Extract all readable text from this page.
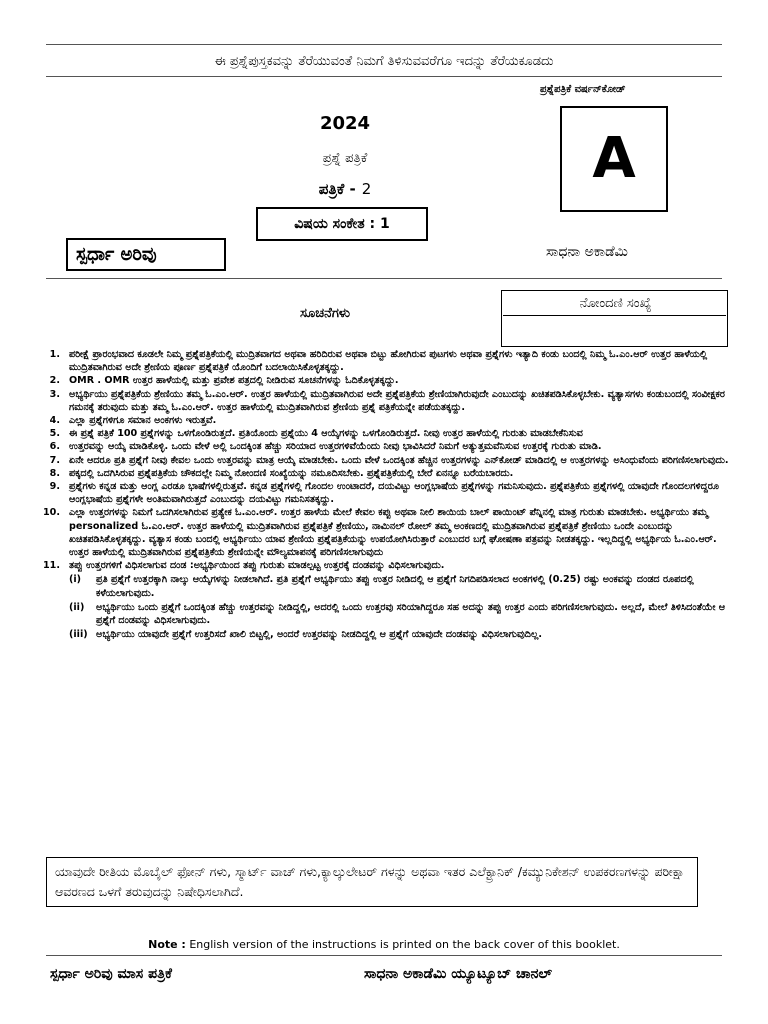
ಈ ಪ್ರಶ್ನೆಪುಸ್ತಕವನ್ನು ತೆರೆಯುವಂತೆ ನಿಮಗೆ ತಿಳಿಸುವವರೆಗೂ ಇದನ್ನು ತೆರೆಯಕೂಡದು
ಪ್ರಶ್ನೆಪತ್ರಿಕೆ ವರ್ಷನ್‌ಕೋಡ್
A
2024
ಪ್ರಶ್ನೆ ಪತ್ರಿಕೆ
ಪತ್ರಿಕೆ - 2
ವಿಷಯ ಸಂಕೇತ : 1
ಸ್ಪರ್ಧಾ ಅರಿವು	ಸಾಧನಾ ಅಕಾಡೆಮಿ
ನೋಂದಣಿ ಸಂಖ್ಯೆ
ಸೂಚನೆಗಳು
1. ಪರೀಕ್ಷೆ ಪ್ರಾರಂಭವಾದ ಕೂಡಲೇ ನಿಮ್ಮ ಪ್ರಶ್ನೆಪತ್ರಿಕೆಯಲ್ಲಿ ಮುದ್ರಿತವಾಗದ ಅಥವಾ ಹರಿದಿರುವ ಅಥವಾ ಬಿಟ್ಟು ಹೋಗಿರುವ ಪುಟಗಳು ಅಥವಾ ಪ್ರಶ್ನೆಗಳು ಇತ್ಯಾದಿ ಕಂಡು ಬಂದಲ್ಲಿ ನಿಮ್ಮ ಓ.ಎಂ.ಆರ್ ಉತ್ತರ ಹಾಳೆಯಲ್ಲಿ ಮುದ್ರಿತವಾಗಿರುವ ಅದೇ ಶ್ರೇಣಿಯ ಪೂರ್ಣ ಪ್ರಶ್ನೆಪತ್ರಿಕೆ ಯೊಂದಿಗೆ ಬದಲಾಯಿಸಿಕೊಳ್ಳತಕ್ಕದ್ದು.
2. OMR . OMR ಉತ್ತರ ಹಾಳೆಯಲ್ಲಿ ಮತ್ತು ಪ್ರವೇಶ ಪತ್ರದಲ್ಲಿ ನೀಡಿರುವ ಸೂಚನೆಗಳನ್ನು ಓದಿಕೊಳ್ಳತಕ್ಕದ್ದು.
3. ಅಭ್ಯರ್ಥಿಯು ಪ್ರಶ್ನೆಪತ್ರಿಕೆಯ ಶ್ರೇಣಿಯು ತಮ್ಮ ಓ.ಎಂ.ಆರ್. ಉತ್ತರ ಹಾಳೆಯಲ್ಲಿ ಮುದ್ರಿತವಾಗಿರುವ ಅದೇ ಪ್ರಶ್ನೆಪತ್ರಿಕೆಯ ಶ್ರೇಣಿಯಾಗಿರುವುದೇ ಎಂಬುದನ್ನು ಖಚಿತಪಡಿಸಿಕೊಳ್ಳಬೇಕು. ವ್ಯತ್ಯಾಸಗಳು ಕಂಡುಬಂದಲ್ಲಿ ಸಂವೀಕ್ಷಕರ ಗಮನಕ್ಕೆ ತರುವುದು ಮತ್ತು ತಮ್ಮ ಓ.ಎಂ.ಆರ್. ಉತ್ತರ ಹಾಳೆಯಲ್ಲಿ ಮುದ್ರಿತವಾಗಿರುವ ಶ್ರೇಣಿಯ ಪ್ರಶ್ನೆ ಪತ್ರಿಕೆಯನ್ನೇ ಪಡೆಯತಕ್ಕದ್ದು.
4. ಎಲ್ಲಾ ಪ್ರಶ್ನೆಗಳಿಗೂ ಸಮಾನ ಅಂಕಗಳು ಇರುತ್ತವೆ.
5. ಈ ಪ್ರಶ್ನೆ ಪತ್ರಿಕೆ 100 ಪ್ರಶ್ನೆಗಳನ್ನು ಒಳಗೊಂಡಿರುತ್ತದೆ. ಪ್ರತಿಯೊಂದು ಪ್ರಶ್ನೆಯು 4 ಆಯ್ಕೆಗಳನ್ನು ಒಳಗೊಂಡಿರುತ್ತದೆ. ನೀವು ಉತ್ತರ ಹಾಳೆಯಲ್ಲಿ ಗುರುತು ಮಾಡಬೇಕೆನಿಸುವ
6. ಉತ್ತರವನ್ನು ಆಯ್ಕೆ ಮಾಡಿಕೊಳ್ಳಿ. ಒಂದು ವೇಳೆ ಅಲ್ಲಿ ಒಂದಕ್ಕಿಂತ ಹೆಚ್ಚು ಸರಿಯಾದ ಉತ್ತರಗಳಿವೆಯೆಂದು ನೀವು ಭಾವಿಸಿದರೆ ನಿಮಗೆ ಅತ್ಯುತ್ತಮವೆನಿಸುವ ಉತ್ತರಕ್ಕೆ ಗುರುತು ಮಾಡಿ.
7. ಏನೇ ಆದರೂ ಪ್ರತಿ ಪ್ರಶ್ನೆಗೆ ನೀವು ಕೇವಲ ಒಂದು ಉತ್ತರವನ್ನು ಮಾತ್ರ ಆಯ್ಕೆ ಮಾಡಬೇಕು. ಒಂದು ವೇಳೆ ಒಂದಕ್ಕಿಂತ ಹೆಚ್ಚಿನ ಉತ್ತರಗಳನ್ನು ಎನ್‌ಕೋಡ್ ಮಾಡಿದಲ್ಲಿ ಆ ಉತ್ತರಗಳನ್ನು ಅಸಿಂಧುವೆಂದು ಪರಿಗಣಿಸಲಾಗುವುದು.
8. ಪಕ್ಕದಲ್ಲಿ ಒದಗಿಸಿರುವ ಪ್ರಶ್ನೆಪತ್ರಿಕೆಯ ಚೌಕದಲ್ಲೇ ನಿಮ್ಮ ನೋಂದಣಿ ಸಂಖ್ಯೆಯನ್ನು ನಮೂದಿಸಬೇಕು. ಪ್ರಶ್ನೆಪತ್ರಿಕೆಯಲ್ಲಿ ಬೇರೆ ಏನನ್ನೂ ಬರೆಯಬಾರದು.
9. ಪ್ರಶ್ನೆಗಳು ಕನ್ನಡ ಮತ್ತು ಆಂಗ್ಲ ಎರಡೂ ಭಾಷೆಗಳಲ್ಲಿರುತ್ತವೆ. ಕನ್ನಡ ಪ್ರಶ್ನೆಗಳಲ್ಲಿ ಗೊಂದಲ ಉಂಟಾದರೆ, ದಯವಿಟ್ಟು ಆಂಗ್ಲಭಾಷೆಯ ಪ್ರಶ್ನೆಗಳನ್ನು ಗಮನಿಸುವುದು. ಪ್ರಶ್ನೆಪತ್ರಿಕೆಯ ಪ್ರಶ್ನೆಗಳಲ್ಲಿ ಯಾವುದೇ ಗೊಂದಲಗಳಿದ್ದರೂ ಆಂಗ್ಲಭಾಷೆಯ ಪ್ರಶ್ನೆಗಳೇ ಅಂತಿಮವಾಗಿರುತ್ತದೆ ಎಂಬುದನ್ನು ದಯವಿಟ್ಟು ಗಮನಿಸತಕ್ಕದ್ದು.
10. ಎಲ್ಲಾ ಉತ್ತರಗಳನ್ನು ನಿಮಗೆ ಒದಗಿಸಲಾಗಿರುವ ಪ್ರತ್ಯೇಕ ಓ.ಎಂ.ಆರ್. ಉತ್ತರ ಹಾಳೆಯ ಮೇಲೆ ಕೇವಲ ಕಪ್ಪು ಅಥವಾ ನೀಲಿ ಶಾಯಿಯ ಬಾಲ್ ಪಾಯಿಂಟ್ ಪೆನ್ನಿನಲ್ಲಿ ಮಾತ್ರ ಗುರುತು ಮಾಡಬೇಕು. ಅಭ್ಯರ್ಥಿಯು ತಮ್ಮ personalized ಓ.ಎಂ.ಆರ್. ಉತ್ತರ ಹಾಳೆಯಲ್ಲಿ ಮುದ್ರಿತವಾಗಿರುವ ಪ್ರಶ್ನೆಪತ್ರಿಕೆ ಶ್ರೇಣಿಯು, ನಾಮಿನಲ್ ರೋಲ್ ತಮ್ಮ ಅಂಕಣದಲ್ಲಿ ಮುದ್ರಿತವಾಗಿರುವ ಪ್ರಶ್ನೆಪತ್ರಿಕೆ ಶ್ರೇಣಿಯು ಒಂದೇ ಎಂಬುದನ್ನು ಖಚಿತಪಡಿಸಿಕೊಳ್ಳತಕ್ಕದ್ದು. ವ್ಯತ್ಯಾಸ ಕಂಡು ಬಂದಲ್ಲಿ ಅಭ್ಯರ್ಥಿಯು ಯಾವ ಶ್ರೇಣಿಯ ಪ್ರಶ್ನೆಪತ್ರಿಕೆಯನ್ನು ಉಪಯೋಗಿಸಿರುತ್ತಾರೆ ಎಂಬುದರ ಬಗ್ಗೆ ಘೋಷಣಾ ಪತ್ರವನ್ನು ನೀಡತಕ್ಕದ್ದು. ಇಲ್ಲದಿದ್ದಲ್ಲಿ ಅಭ್ಯರ್ಥಿಯ ಓ.ಎಂ.ಆರ್. ಉತ್ತರ ಹಾಳೆಯಲ್ಲಿ ಮುದ್ರಿತವಾಗಿರುವ ಪ್ರಶ್ನೆಪತ್ರಿಕೆಯ ಶ್ರೇಣಿಯನ್ನೇ ಮೌಲ್ಯಮಾಪನಕ್ಕೆ ಪರಿಗಣಿಸಲಾಗುವುದು
11. ತಪ್ಪು ಉತ್ತರಗಳಿಗೆ ವಿಧಿಸಲಾಗುವ ದಂಡ :ಅಭ್ಯರ್ಥಿಯಿಂದ ತಪ್ಪು ಗುರುತು ಮಾಡಲ್ಪಟ್ಟ ಉತ್ತರಕ್ಕೆ ದಂಡವನ್ನು ವಿಧಿಸಲಾಗುವುದು.
(i) ಪ್ರತಿ ಪ್ರಶ್ನೆಗೆ ಉತ್ತರಕ್ಕಾಗಿ ನಾಲ್ಕು ಆಯ್ಕೆಗಳನ್ನು ನೀಡಲಾಗಿದೆ. ಪ್ರತಿ ಪ್ರಶ್ನೆಗೆ ಅಭ್ಯರ್ಥಿಯು ತಪ್ಪು ಉತ್ತರ ನೀಡಿದಲ್ಲಿ ಆ ಪ್ರಶ್ನೆಗೆ ನಿಗದಿಪಡಿಸಲಾದ ಅಂಕಗಳಲ್ಲಿ (0.25) ರಷ್ಟು ಅಂಕವನ್ನು ದಂಡದ ರೂಪದಲ್ಲಿ ಕಳೆಯಲಾಗುವುದು.
(ii) ಅಭ್ಯರ್ಥಿಯು ಒಂದು ಪ್ರಶ್ನೆಗೆ ಒಂದಕ್ಕಿಂತ ಹೆಚ್ಚು ಉತ್ತರವನ್ನು ನೀಡಿದ್ದಲ್ಲಿ, ಅದರಲ್ಲಿ ಒಂದು ಉತ್ತರವು ಸರಿಯಾಗಿದ್ದರೂ ಸಹ ಅದನ್ನು ತಪ್ಪು ಉತ್ತರ ಎಂದು ಪರಿಗಣಿಸಲಾಗುವುದು. ಅಲ್ಲದೆ, ಮೇಲೆ ತಿಳಿಸಿದಂತೆಯೇ ಆ ಪ್ರಶ್ನೆಗೆ ದಂಡವನ್ನು ವಿಧಿಸಲಾಗುವುದು.
(iii) ಅಭ್ಯರ್ಥಿಯು ಯಾವುದೇ ಪ್ರಶ್ನೆಗೆ ಉತ್ತರಿಸದೆ ಖಾಲಿ ಬಿಟ್ಟಲ್ಲಿ, ಅಂದರೆ ಉತ್ತರವನ್ನು ನೀಡದಿದ್ದಲ್ಲಿ ಆ ಪ್ರಶ್ನೆಗೆ ಯಾವುದೇ ದಂಡವನ್ನು ವಿಧಿಸಲಾಗುವುದಿಲ್ಲ.
ಯಾವುದೇ ರೀತಿಯ ಮೊಬೈಲ್ ಫೋನ್ ಗಳು, ಸ್ಮಾರ್ಟ್ ವಾಚ್ ಗಳು,ಕ್ಯಾಲ್ಕುಲೇಟರ್ ಗಳನ್ನು ಅಥವಾ ಇತರ ಎಲೆಕ್ಟ್ರಾನಿಕ್ /ಕಮ್ಯುನಿಕೇಶನ್ ಉಪಕರಣಗಳನ್ನು ಪರೀಕ್ಷಾ ಆವರಣದ ಒಳಗೆ ತರುವುದನ್ನು ನಿಷೇಧಿಸಲಾಗಿದೆ.
Note : English version of the instructions is printed on the back cover of this booklet.
ಸ್ಪರ್ಧಾ ಅರಿವು ಮಾಸ ಪತ್ರಿಕೆ	ಸಾಧನಾ ಅಕಾಡೆಮಿ ಯ್ಯೂಟ್ಯೂಬ್ ಚಾನಲ್
